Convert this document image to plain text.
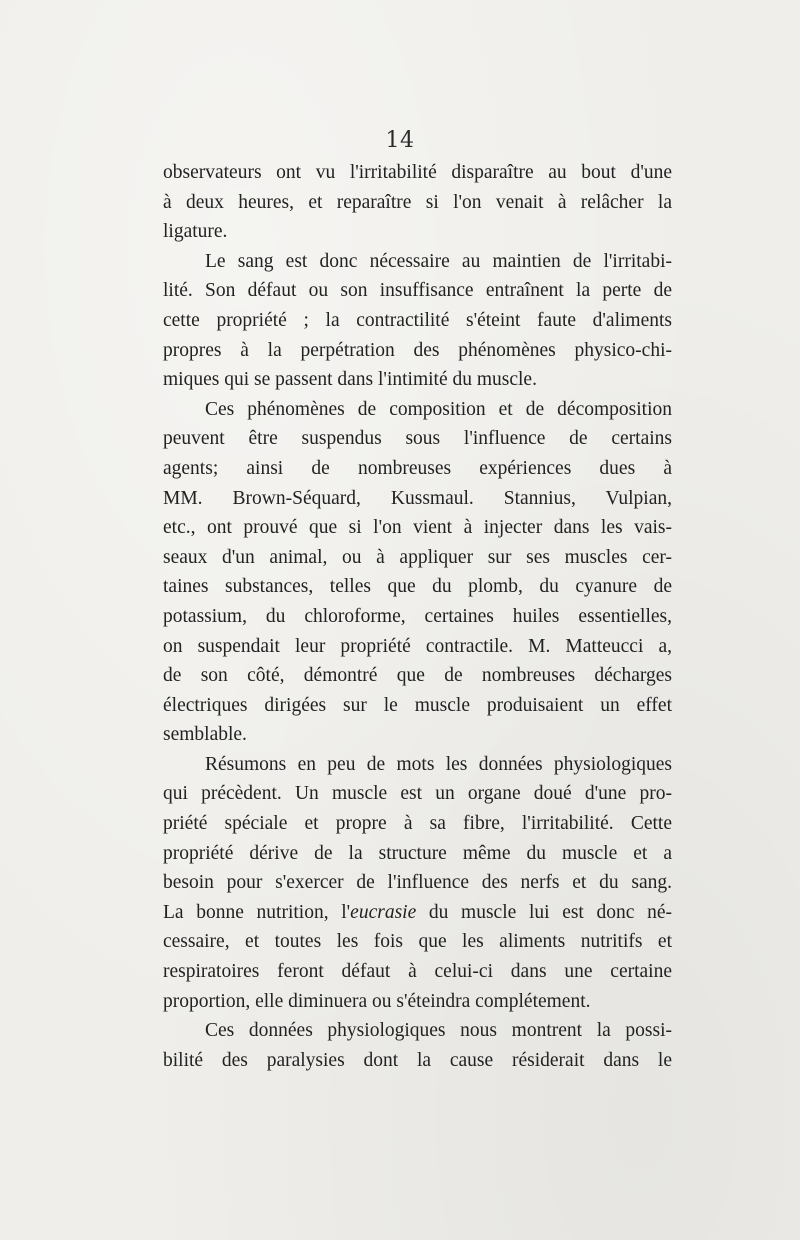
14
observateurs ont vu l'irritabilité disparaître au bout d'une
à deux heures, et reparaître si l'on venait à relâcher la
ligature.
Le sang est donc nécessaire au maintien de l'irritabi-
lité. Son défaut ou son insuffisance entraînent la perte de
cette propriété ; la contractilité s'éteint faute d'aliments
propres à la perpétration des phénomènes physico-chi-
miques qui se passent dans l'intimité du muscle.
Ces phénomènes de composition et de décomposition
peuvent être suspendus sous l'influence de certains
agents; ainsi de nombreuses expériences dues à
MM. Brown-Séquard, Kussmaul. Stannius, Vulpian,
etc., ont prouvé que si l'on vient à injecter dans les vais-
seaux d'un animal, ou à appliquer sur ses muscles cer-
taines substances, telles que du plomb, du cyanure de
potassium, du chloroforme, certaines huiles essentielles,
on suspendait leur propriété contractile. M. Matteucci a,
de son côté, démontré que de nombreuses décharges
électriques dirigées sur le muscle produisaient un effet
semblable.
Résumons en peu de mots les données physiologiques
qui précèdent. Un muscle est un organe doué d'une pro-
priété spéciale et propre à sa fibre, l'irritabilité. Cette
propriété dérive de la structure même du muscle et a
besoin pour s'exercer de l'influence des nerfs et du sang.
La bonne nutrition, l'eucrasie du muscle lui est donc né-
cessaire, et toutes les fois que les aliments nutritifs et
respiratoires feront défaut à celui-ci dans une certaine
proportion, elle diminuera ou s'éteindra complétement.
Ces données physiologiques nous montrent la possi-
bilité des paralysies dont la cause résiderait dans le
